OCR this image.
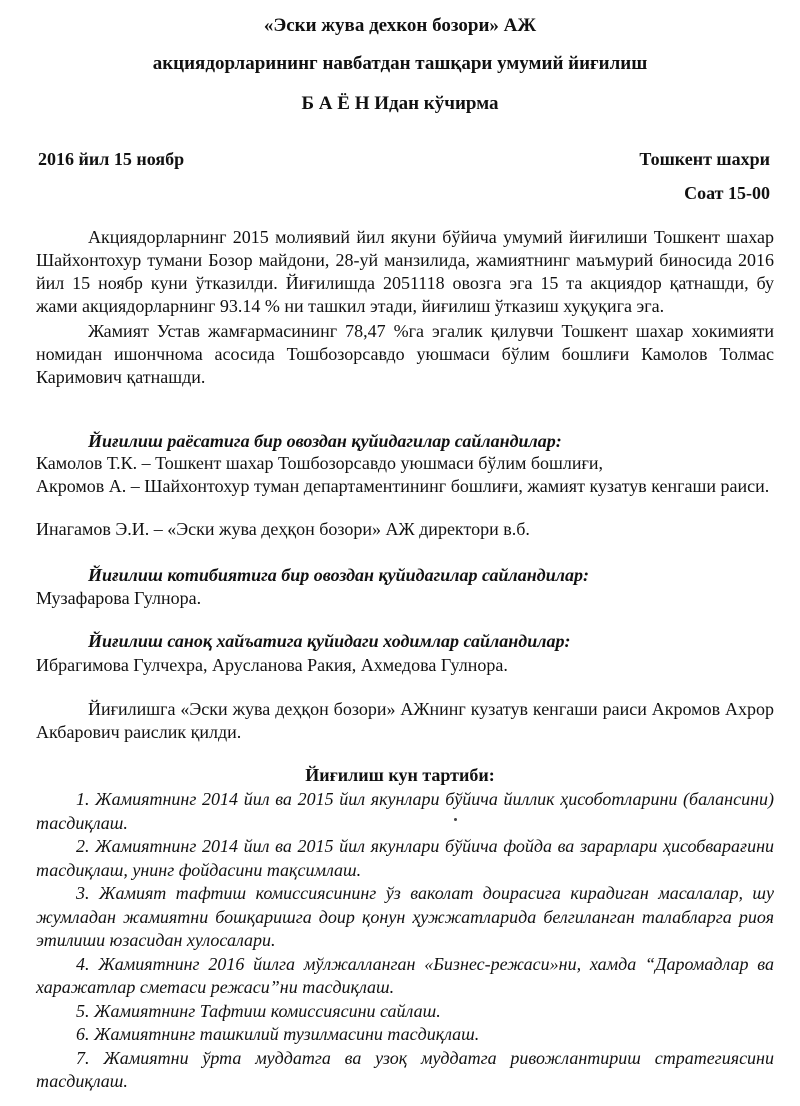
«Эски жува дехкон бозори» АЖ
акциядорларининг навбатдан ташқари умумий йиғилиш
Б А Ё Н Идан кўчирма
2016 йил 15 ноябр	Тошкент шахри
Соат 15-00

Акциядорларнинг 2015 молиявий йил якуни бўйича умумий йиғилиши Тошкент шахар Шайхонтохур тумани Бозор майдони, 28-уй манзилида, жамиятнинг маъмурий биносида 2016 йил 15 ноябр куни ўтказилди. Йиғилишда 2051118 овозга эга 15 та акциядор қатнашди, бу жами акциядорларнинг 93.14 % ни ташкил этади, йиғилиш ўтказиш хуқуқига эга.

Жамият Устав жамғармасининг 78,47 %га эгалик қилувчи Тошкент шахар хокимияти номидан ишончнома асосида Тошбозорсавдо уюшмаси бўлим бошлиғи Камолов Толмас Каримович қатнашди.

Йиғилиш раёсатига бир овоздан қуйидагилар сайландилар:
Камолов Т.К. – Тошкент шахар Тошбозорсавдо уюшмаси бўлим бошлиғи,
Акромов А. – Шайхонтохур туман департаментининг бошлиғи, жамият кузатув кенгаши раиси.
Инагамов Э.И. – «Эски жува деҳқон бозори» АЖ директори в.б.
Йиғилиш котибиятига бир овоздан қуйидагилар сайландилар:
Музафарова Гулнора.
Йиғилиш саноқ хайъатига қуйидаги ходимлар сайландилар:
Ибрагимова Гулчехра, Арусланова Ракия, Ахмедова Гулнора.

Йиғилишга «Эски жува деҳқон бозори» АЖнинг кузатув кенгаши раиси Акромов Ахрор Акбарович раислик қилди.

Йиғилиш кун тартиби:

1. Жамиятнинг 2014 йил ва 2015 йил якунлари бўйича йиллик ҳисоботларини (балансини) тасдиқлаш.

2. Жамиятнинг 2014 йил ва 2015 йил якунлари бўйича фойда ва зарарлари ҳисобварағини тасдиқлаш, унинг фойдасини тақсимлаш.

3. Жамият тафтиш комиссиясининг ўз ваколат доирасига кирадиган масалалар, шу жумладан жамиятни бошқаришга доир қонун ҳужжатларида белгиланган талабларга риоя этилиши юзасидан хулосалари.

4. Жамиятнинг 2016 йилга мўлжалланган «Бизнес-режаси»ни, хамда “Даромадлар ва харажатлар сметаси режаси”ни тасдиқлаш.

5. Жамиятнинг Тафтиш комиссиясини сайлаш.

6. Жамиятнинг ташкилий тузилмасини тасдиқлаш.

7. Жамиятни ўрта муддатга ва узоқ муддатга ривожлантириш стратегиясини тасдиқлаш.
